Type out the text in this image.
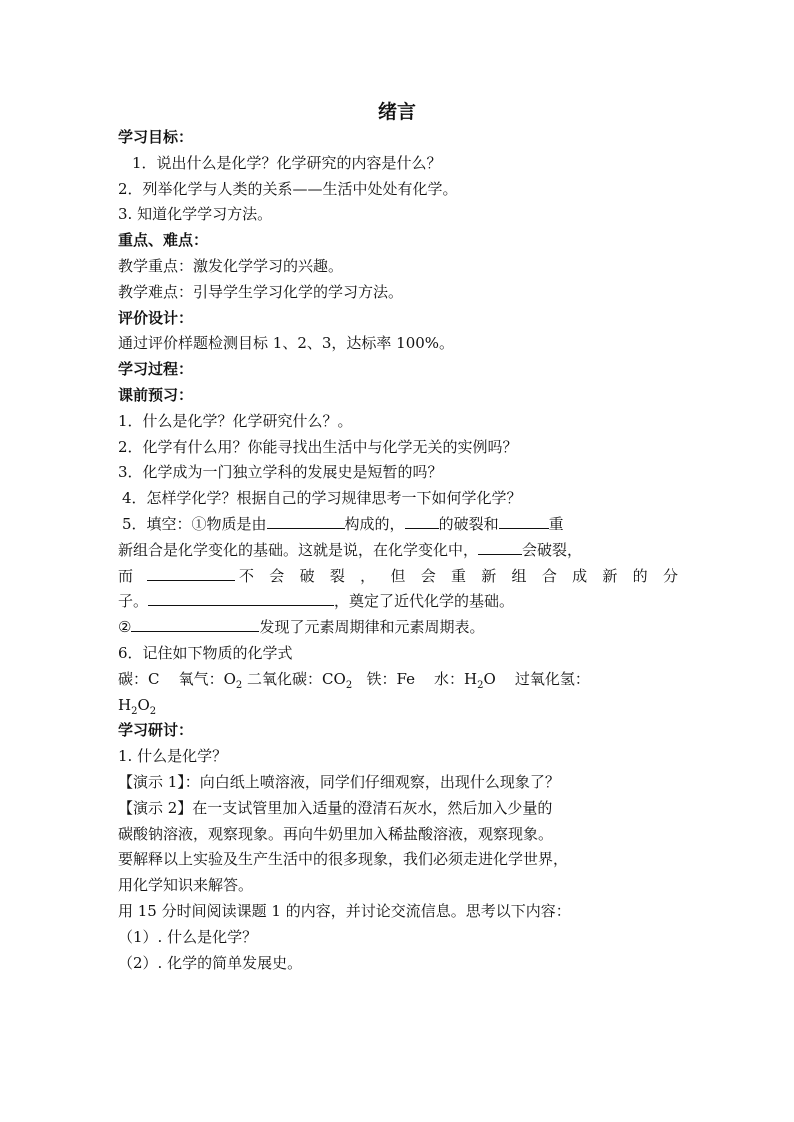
绪言
学习目标：
1．说出什么是化学？化学研究的内容是什么？
2．列举化学与人类的关系——生活中处处有化学。
3. 知道化学学习方法。
重点、难点：
教学重点：激发化学学习的兴趣。
教学难点：引导学生学习化学的学习方法。
评价设计：
通过评价样题检测目标 1、2、3，达标率 100%。
学习过程：
课前预习：
1．什么是化学？化学研究什么？。
2．化学有什么用？你能寻找出生活中与化学无关的实例吗？
3．化学成为一门独立学科的发展史是短暂的吗？
4．怎样学化学？根据自己的学习规律思考一下如何学化学？
5．填空：①物质是由	构成的， 的破裂和	重
新组合是化学变化的基础。这就是说，在化学变化中，	会破裂，
而	不 会 破 裂 ， 但 会 重 新 组 合 成 新 的 分
子。	，奠定了近代化学的基础。
②	发现了元素周期律和元素周期表。
6．记住如下物质的化学式
碳：C 氧气：$O_2$ 二氧化碳：$CO_2$ 铁：Fe 水：$H_2O$ 过氧化氢：
$H_2O_2$
学习研讨：
1. 什么是化学？
【演示 1】：向白纸上喷溶液，同学们仔细观察，出现什么现象了？
【演示 2】在一支试管里加入适量的澄清石灰水，然后加入少量的
碳酸钠溶液，观察现象。再向牛奶里加入稀盐酸溶液，观察现象。
要解释以上实验及生产生活中的很多现象，我们必须走进化学世界，
用化学知识来解答。
用 15 分时间阅读课题 1 的内容，并讨论交流信息。思考以下内容：
（1）. 什么是化学？
（2）. 化学的简单发展史。
